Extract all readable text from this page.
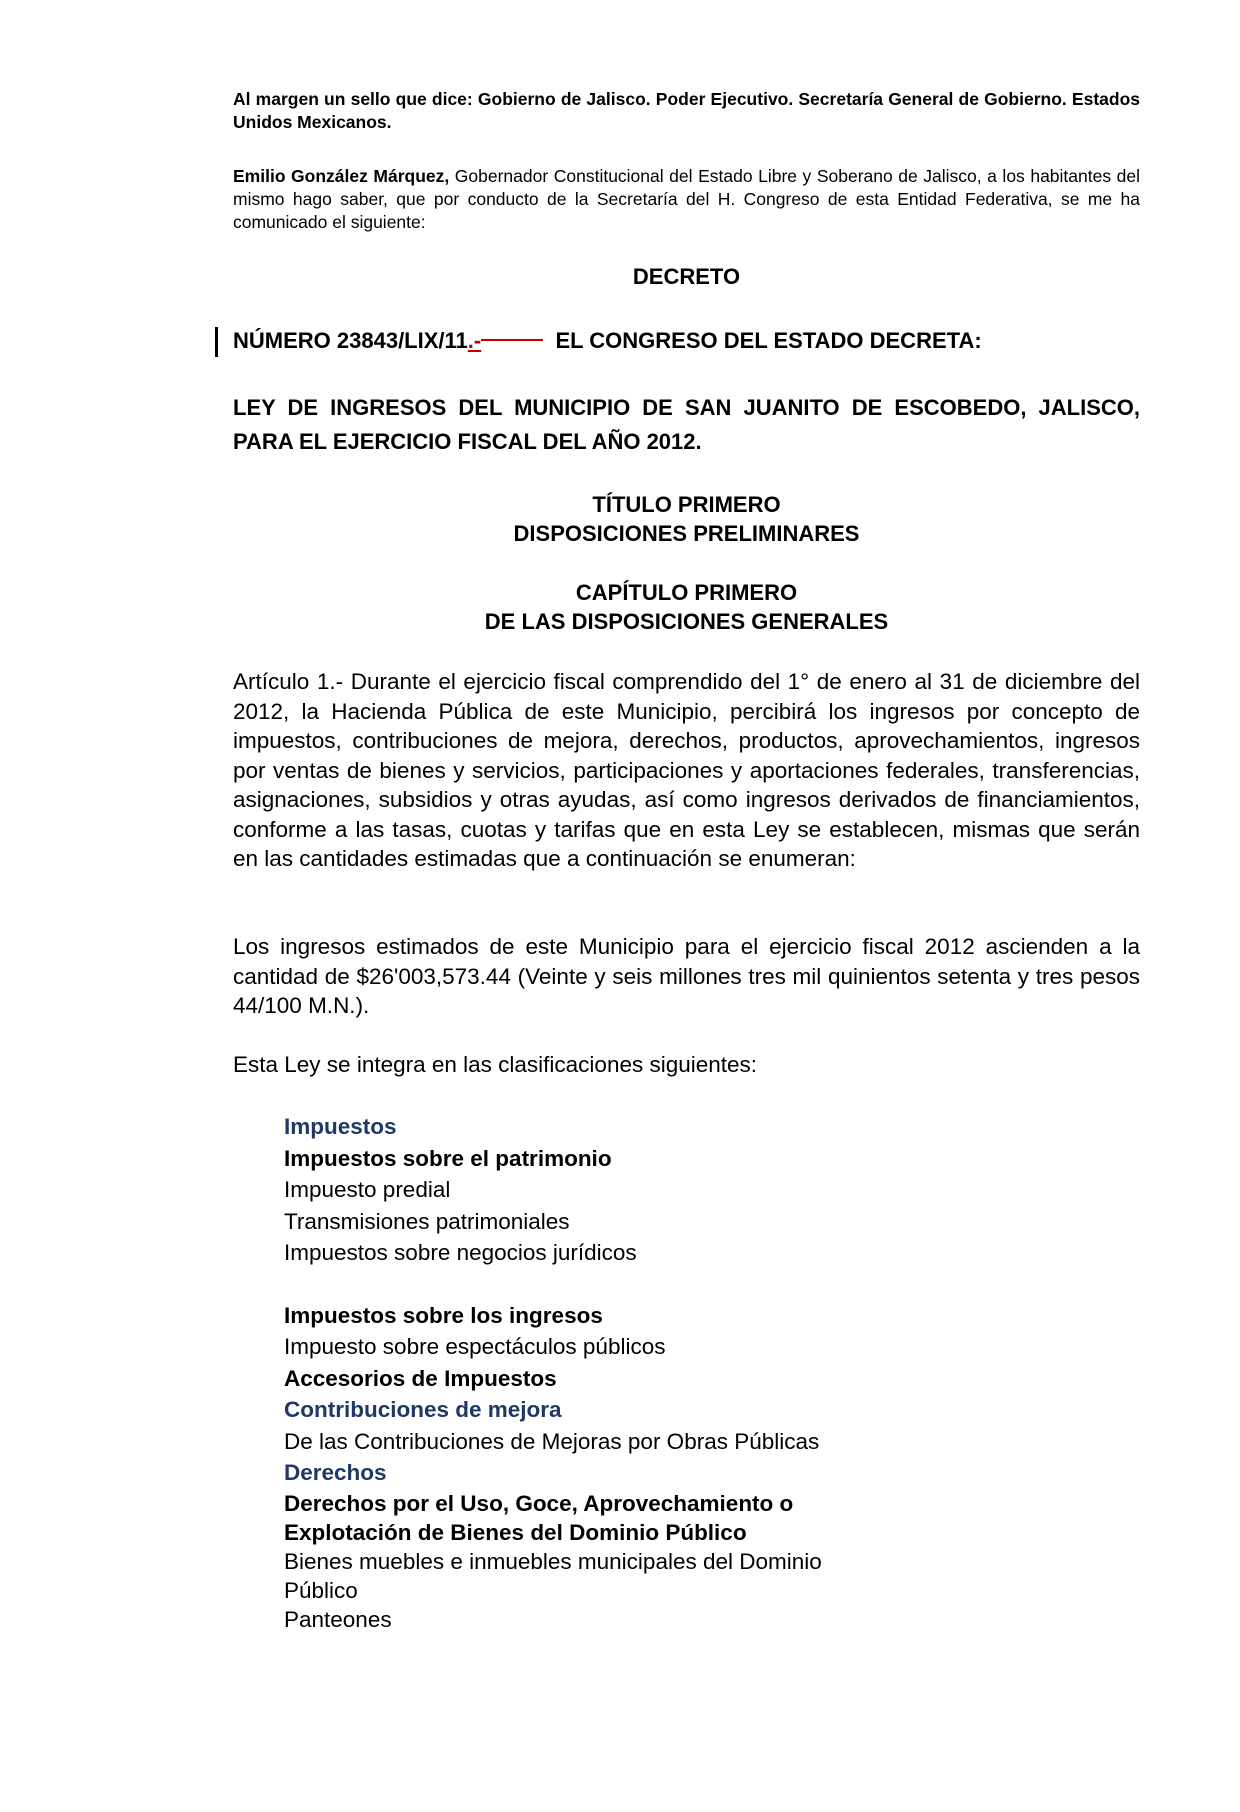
Al margen un sello que dice: Gobierno de Jalisco. Poder Ejecutivo. Secretaría General de Gobierno. Estados Unidos Mexicanos.
Emilio González Márquez, Gobernador Constitucional del Estado Libre y Soberano de Jalisco, a los habitantes del mismo hago saber, que por conducto de la Secretaría del H. Congreso de esta Entidad Federativa, se me ha comunicado el siguiente:
DECRETO
NÚMERO 23843/LIX/11.-	EL CONGRESO DEL ESTADO DECRETA:
LEY DE INGRESOS DEL MUNICIPIO DE SAN JUANITO DE ESCOBEDO, JALISCO, PARA EL EJERCICIO FISCAL DEL AÑO 2012.
TÍTULO PRIMERO
DISPOSICIONES PRELIMINARES
CAPÍTULO PRIMERO
DE LAS DISPOSICIONES GENERALES
Artículo 1.- Durante el ejercicio fiscal comprendido del 1° de enero al 31 de diciembre del 2012, la Hacienda Pública de este Municipio, percibirá los ingresos por concepto de impuestos, contribuciones de mejora, derechos, productos, aprovechamientos, ingresos por ventas de bienes y servicios, participaciones y aportaciones federales, transferencias, asignaciones, subsidios y otras ayudas, así como ingresos derivados de financiamientos, conforme a las tasas, cuotas y tarifas que en esta Ley se establecen, mismas que serán en las cantidades estimadas que a continuación se enumeran:
Los ingresos estimados de este Municipio para el ejercicio fiscal 2012 ascienden a la cantidad de $26'003,573.44 (Veinte y seis millones tres mil quinientos setenta y tres pesos 44/100 M.N.).
Esta Ley se integra en las clasificaciones siguientes:
Impuestos
Impuestos sobre el patrimonio
Impuesto predial
Transmisiones patrimoniales
Impuestos sobre negocios jurídicos
Impuestos sobre los ingresos
Impuesto sobre espectáculos públicos
Accesorios de Impuestos
Contribuciones de mejora
De las Contribuciones de Mejoras por Obras Públicas
Derechos
Derechos por el Uso, Goce, Aprovechamiento o
Explotación de Bienes del Dominio Público
Bienes muebles e inmuebles municipales del Dominio
Público
Panteones
